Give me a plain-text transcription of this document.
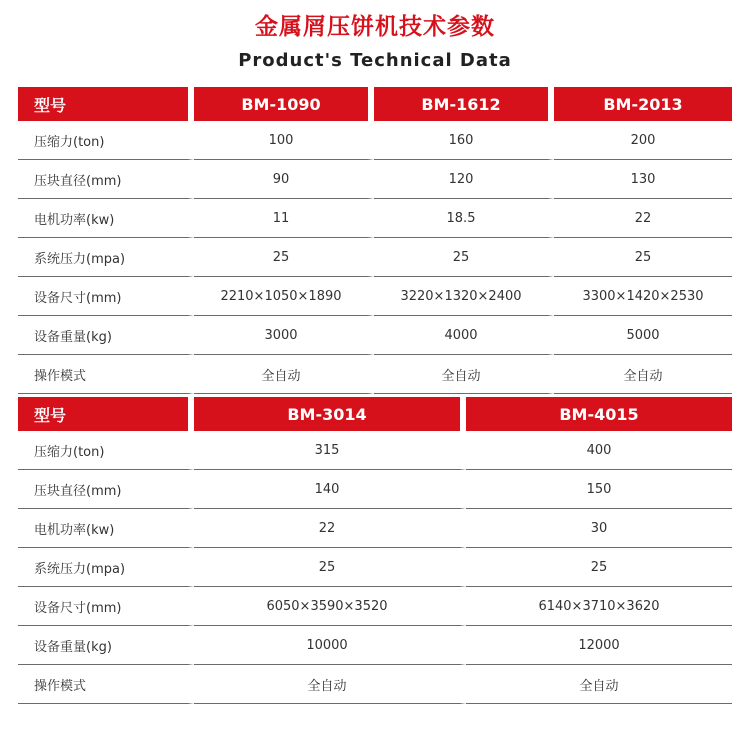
金属屑压饼机技术参数
Product's Technical Data
型号	BM-1090	BM-1612	BM-2013
压缩力(ton)	100	160	200
压块直径(mm)	90	120	130
电机功率(kw)	11	18.5	22
系统压力(mpa)	25	25	25
设备尺寸(mm)	2210×1050×1890	3220×1320×2400	3300×1420×2530
设备重量(kg)	3000	4000	5000
操作模式	全自动	全自动	全自动
型号	BM-3014	BM-4015
压缩力(ton)	315	400
压块直径(mm)	140	150
电机功率(kw)	22	30
系统压力(mpa)	25	25
设备尺寸(mm)	6050×3590×3520	6140×3710×3620
设备重量(kg)	10000	12000
操作模式	全自动	全自动
